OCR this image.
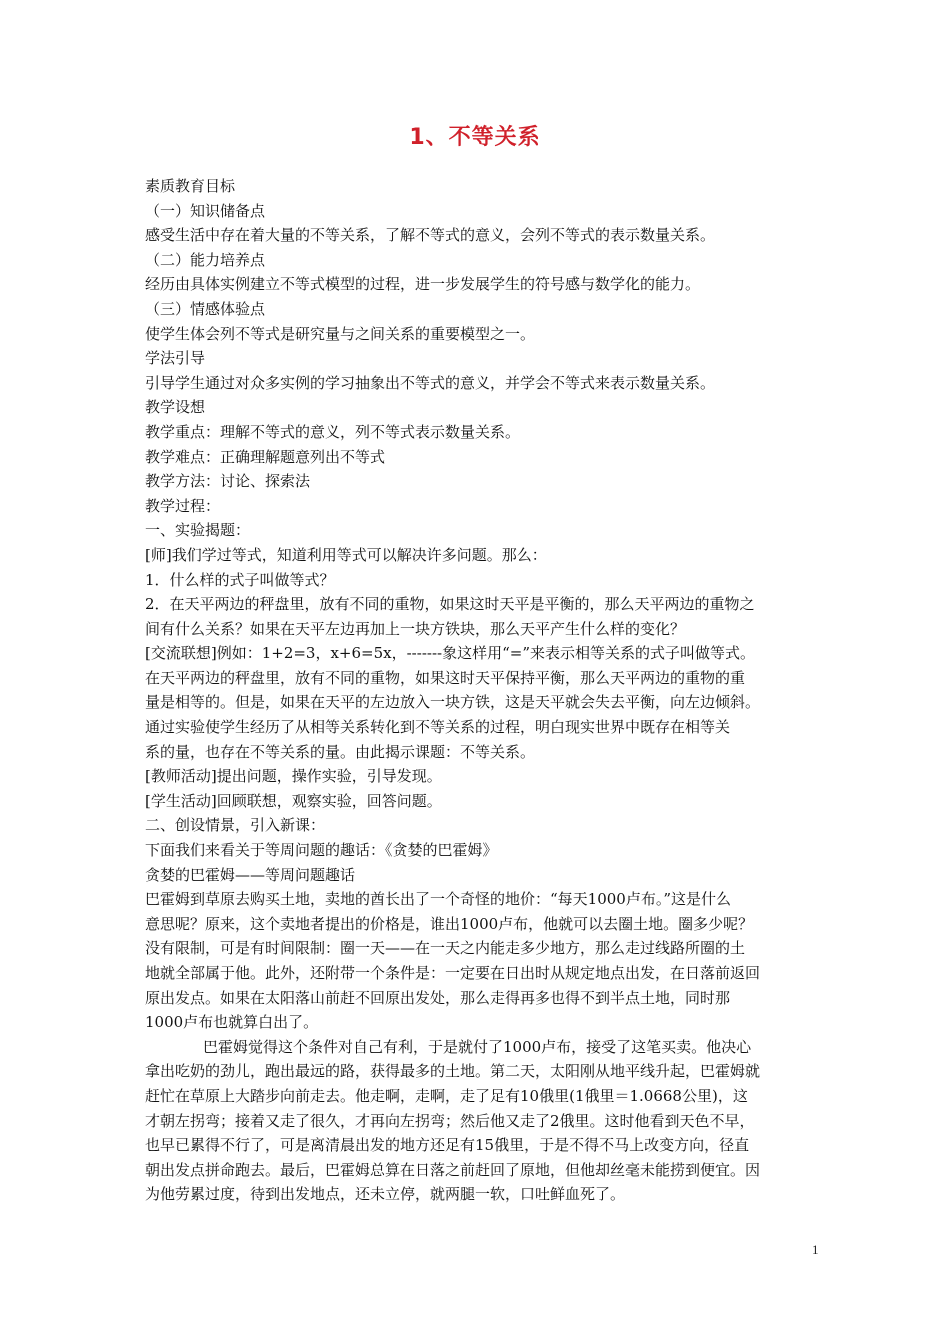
1、不等关系
素质教育目标
（一）知识储备点
感受生活中存在着大量的不等关系，了解不等式的意义，会列不等式的表示数量关系。
（二）能力培养点
经历由具体实例建立不等式模型的过程，进一步发展学生的符号感与数学化的能力。
（三）情感体验点
使学生体会列不等式是研究量与之间关系的重要模型之一。
学法引导
引导学生通过对众多实例的学习抽象出不等式的意义，并学会不等式来表示数量关系。
教学设想
教学重点：理解不等式的意义，列不等式表示数量关系。
教学难点：正确理解题意列出不等式
教学方法：讨论、探索法
教学过程：
一、实验揭题：
[师]我们学过等式，知道利用等式可以解决许多问题。那么：
1．什么样的式子叫做等式？
2．在天平两边的秤盘里，放有不同的重物，如果这时天平是平衡的，那么天平两边的重物之
间有什么关系？如果在天平左边再加上一块方铁块，那么天平产生什么样的变化？
[交流联想]例如：1+2=3，x+6=5x，-------象这样用“=”来表示相等关系的式子叫做等式。
在天平两边的秤盘里，放有不同的重物，如果这时天平保持平衡，那么天平两边的重物的重
量是相等的。但是，如果在天平的左边放入一块方铁，这是天平就会失去平衡，向左边倾斜。
通过实验使学生经历了从相等关系转化到不等关系的过程，明白现实世界中既存在相等关
系的量，也存在不等关系的量。由此揭示课题：不等关系。
[教师活动]提出问题，操作实验，引导发现。
[学生活动]回顾联想，观察实验，回答问题。
二、创设情景，引入新课：
下面我们来看关于等周问题的趣话：《贪婪的巴霍姆》
贪婪的巴霍姆——等周问题趣话
巴霍姆到草原去购买土地，卖地的酋长出了一个奇怪的地价：“每天1000卢布。”这是什么
意思呢？原来，这个卖地者提出的价格是，谁出1000卢布，他就可以去圈土地。圈多少呢？
没有限制，可是有时间限制：圈一天——在一天之内能走多少地方，那么走过线路所圈的土
地就全部属于他。此外，还附带一个条件是：一定要在日出时从规定地点出发，在日落前返回
原出发点。如果在太阳落山前赶不回原出发处，那么走得再多也得不到半点土地，同时那
1000卢布也就算白出了。
巴霍姆觉得这个条件对自己有利，于是就付了1000卢布，接受了这笔买卖。他决心
拿出吃奶的劲儿，跑出最远的路，获得最多的土地。第二天，太阳刚从地平线升起，巴霍姆就
赶忙在草原上大踏步向前走去。他走啊，走啊，走了足有10俄里(1俄里＝1.0668公里)，这
才朝左拐弯；接着又走了很久，才再向左拐弯；然后他又走了2俄里。这时他看到天色不早，
也早已累得不行了，可是离清晨出发的地方还足有15俄里，于是不得不马上改变方向，径直
朝出发点拼命跑去。最后，巴霍姆总算在日落之前赶回了原地，但他却丝毫未能捞到便宜。因
为他劳累过度，待到出发地点，还未立停，就两腿一软，口吐鲜血死了。
1
